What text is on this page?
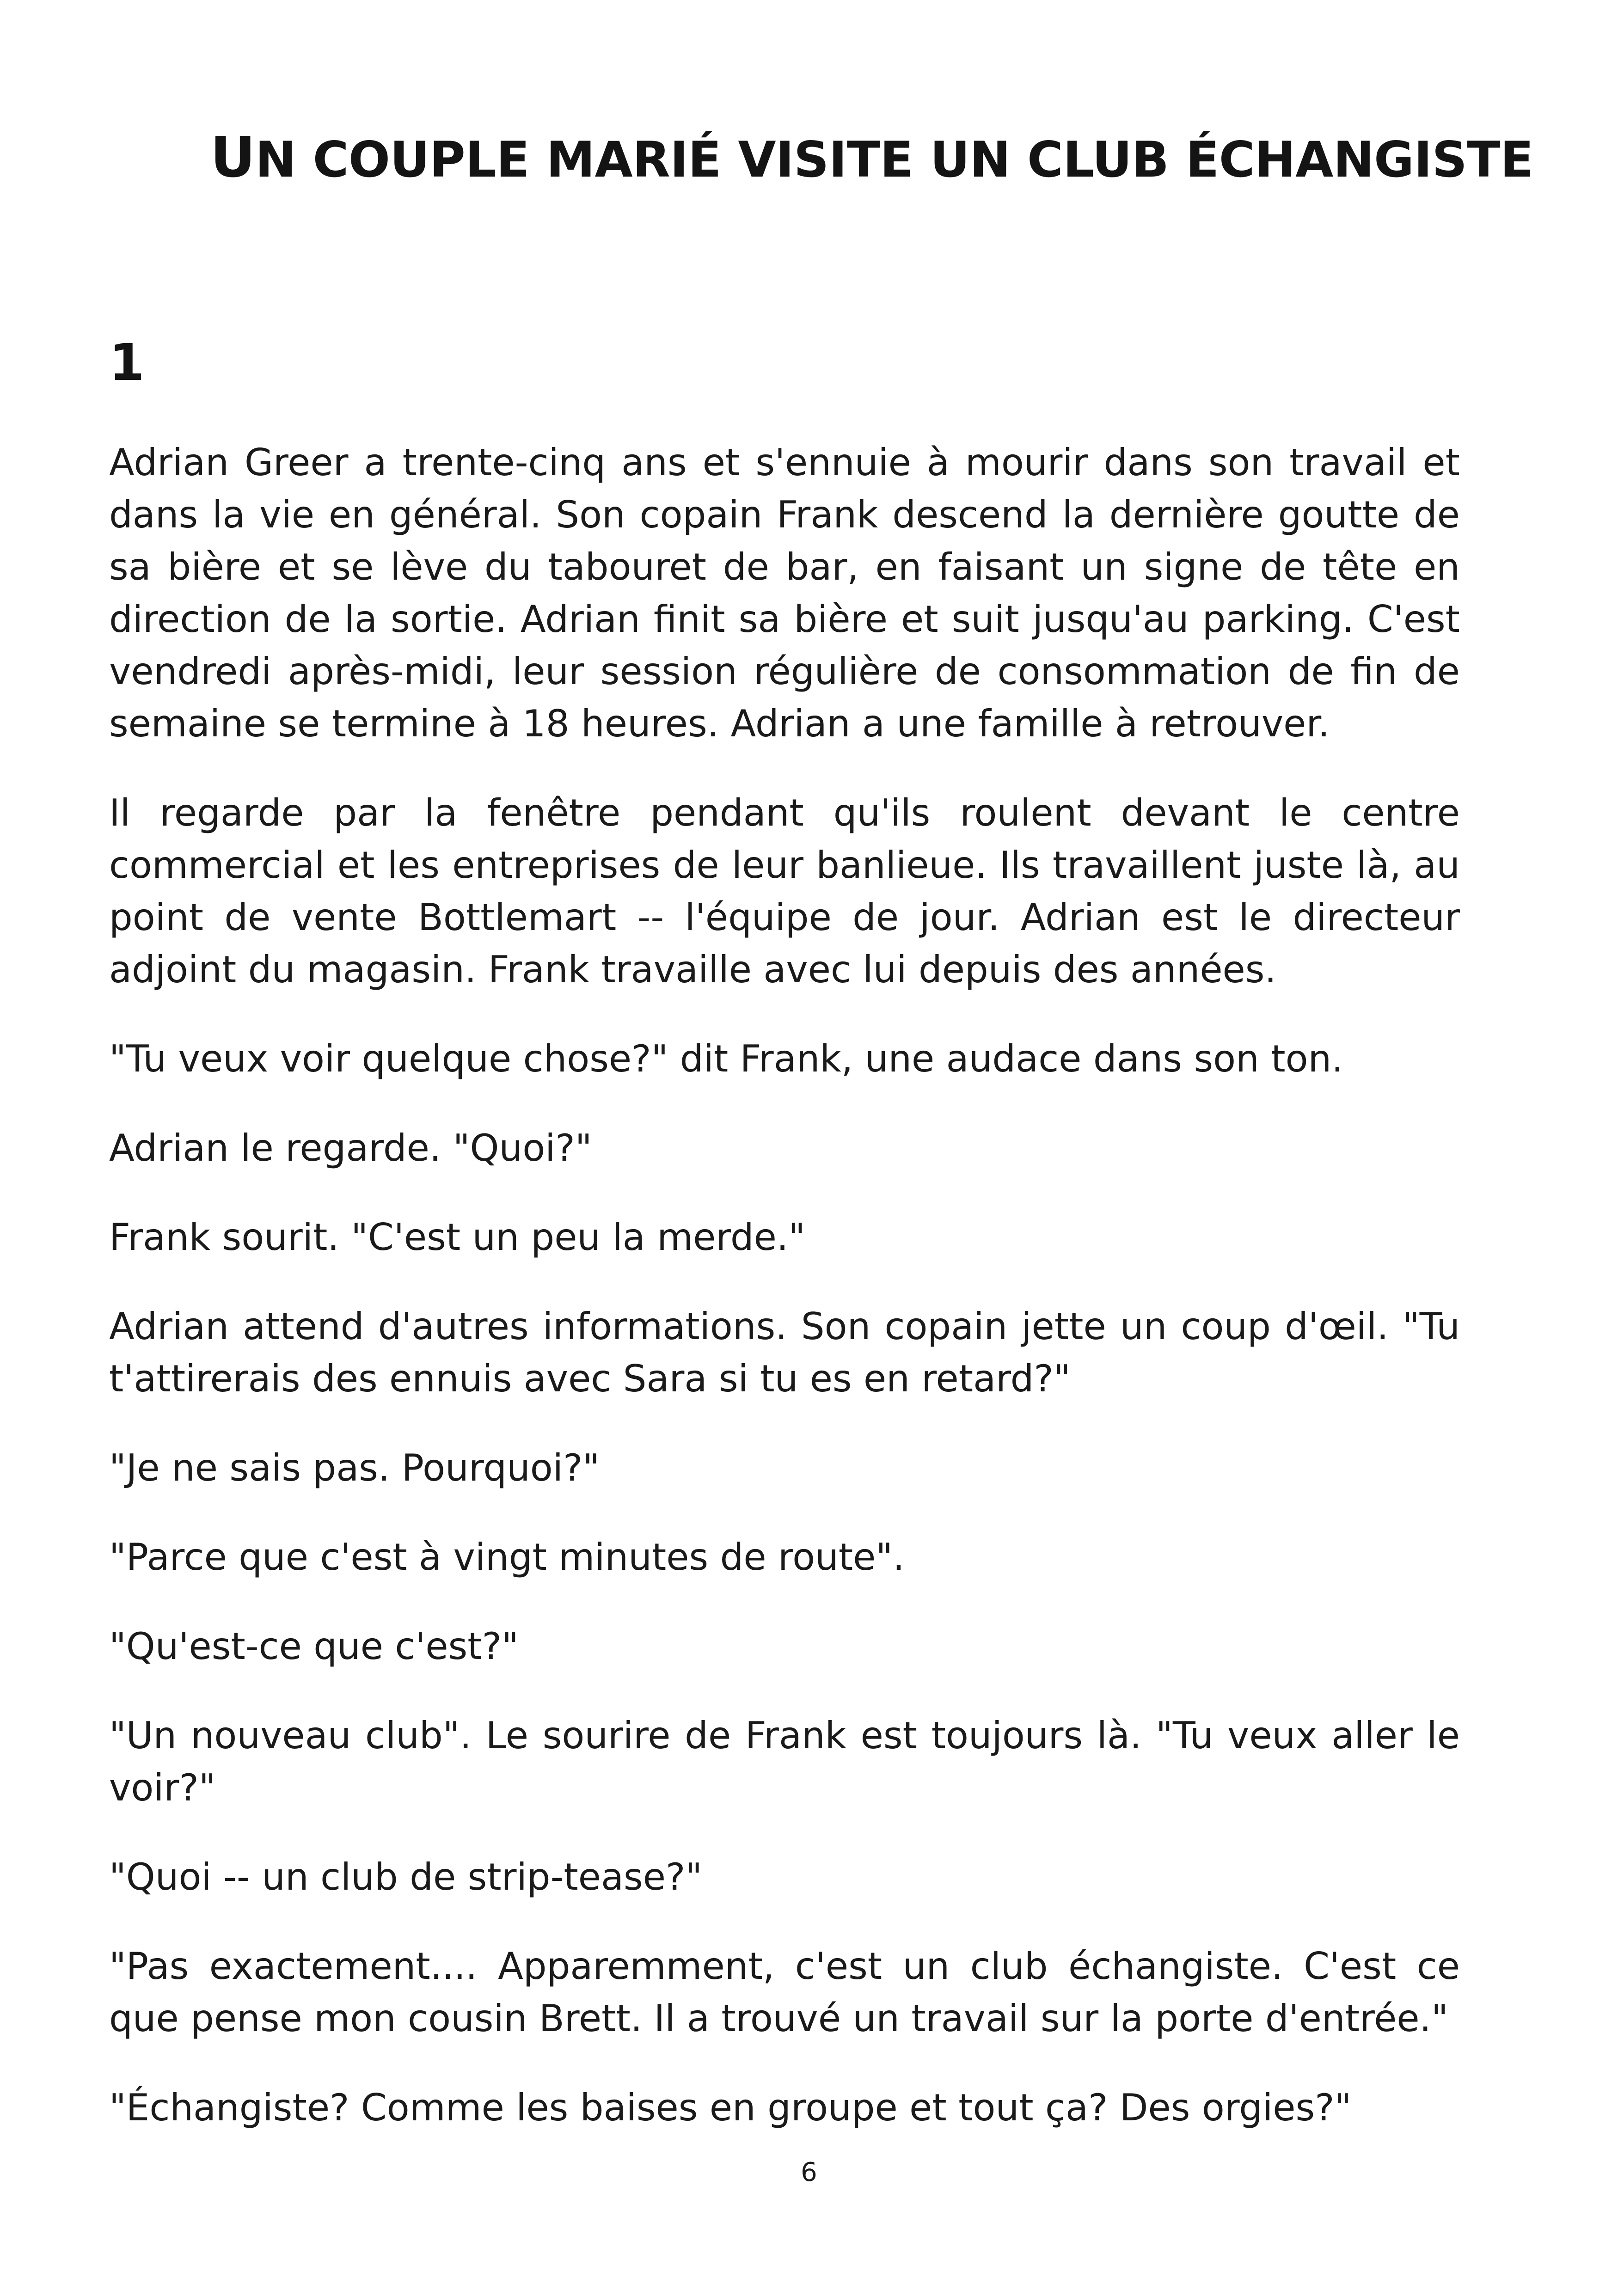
UN COUPLE MARIÉ VISITE UN CLUB ÉCHANGISTE
1

Adrian Greer a trente-cinq ans et s'ennuie à mourir dans son travail et dans la vie en général. Son copain Frank descend la dernière goutte de sa bière et se lève du tabouret de bar, en faisant un signe de tête en direction de la sortie. Adrian finit sa bière et suit jusqu'au parking. C'est vendredi après-midi, leur session régulière de consommation de fin de semaine se termine à 18 heures. Adrian a une famille à retrouver.

Il regarde par la fenêtre pendant qu'ils roulent devant le centre commercial et les entreprises de leur banlieue. Ils travaillent juste là, au point de vente Bottlemart -- l'équipe de jour. Adrian est le directeur adjoint du magasin. Frank travaille avec lui depuis des années.

"Tu veux voir quelque chose?" dit Frank, une audace dans son ton.

Adrian le regarde. "Quoi?"

Frank sourit. "C'est un peu la merde."

Adrian attend d'autres informations. Son copain jette un coup d'œil. "Tu t'attirerais des ennuis avec Sara si tu es en retard?"

"Je ne sais pas. Pourquoi?"

"Parce que c'est à vingt minutes de route".

"Qu'est-ce que c'est?"

"Un nouveau club". Le sourire de Frank est toujours là. "Tu veux aller le voir?"

"Quoi -- un club de strip-tease?"

"Pas exactement.... Apparemment, c'est un club échangiste. C'est ce que pense mon cousin Brett. Il a trouvé un travail sur la porte d'entrée."

"Échangiste? Comme les baises en groupe et tout ça? Des orgies?"

6
